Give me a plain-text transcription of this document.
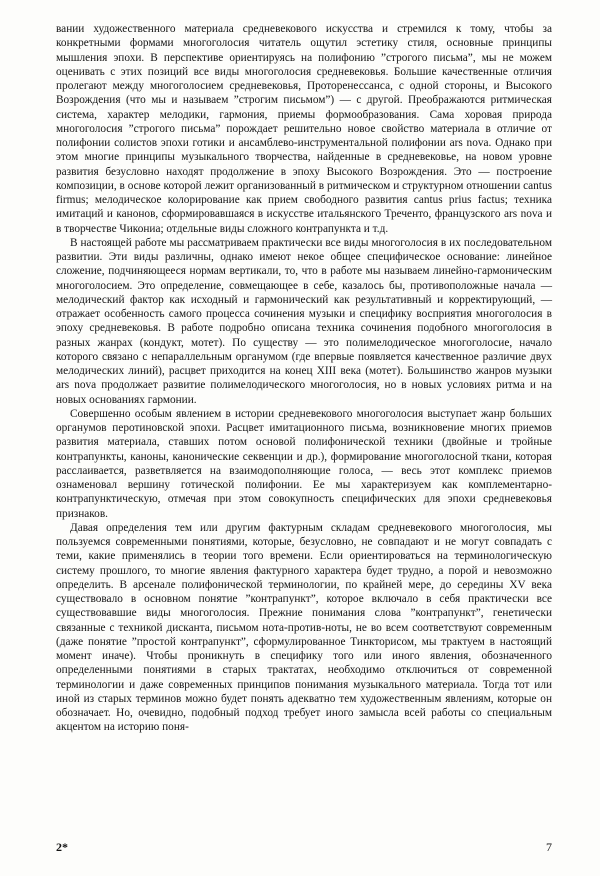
вании художественного материала средневекового искусства и стремился к тому, чтобы за конкретными формами многоголосия читатель ощутил эстетику стиля, основные принципы мышления эпохи. В перспективе ориентируясь на полифонию ”строгого письма”, мы не можем оценивать с этих позиций все виды многоголосия средневековья. Большие качественные отличия пролегают между многоголосием средневековья, Проторенессанса, с одной стороны, и Высокого Возрождения (что мы и называем ”строгим письмом”) — с другой. Преображаются ритмическая система, характер мелодики, гармония, приемы формообразования. Сама хоровая природа многоголосия ”строгого письма” порождает решительно новое свойство материала в отличие от полифонии солистов эпохи готики и ансамблево-инструментальной полифонии ars nova. Однако при этом многие принципы музыкального творчества, найденные в средневековье, на новом уровне развития безусловно находят продолжение в эпоху Высокого Возрождения. Это — построение композиции, в основе которой лежит организованный в ритмическом и структурном отношении cantus firmus; мелодическое колорирование как прием свободного развития cantus prius factus; техника имитаций и канонов, сформировавшаяся в искусстве итальянского Треченто, французского ars nova и в творчестве Чикониа; отдельные виды сложного контрапункта и т.д.

В настоящей работе мы рассматриваем практически все виды многоголосия в их последовательном развитии. Эти виды различны, однако имеют некое общее специфическое основание: линейное сложение, подчиняющееся нормам вертикали, то, что в работе мы называем линейно-гармоническим многоголосием. Это определение, совмещающее в себе, казалось бы, противоположные начала — мелодический фактор как исходный и гармонический как результативный и корректирующий, — отражает особенность самого процесса сочинения музыки и специфику восприятия многоголосия в эпоху средневековья. В работе подробно описана техника сочинения подобного многоголосия в разных жанрах (кондукт, мотет). По существу — это полимелодическое многоголосие, начало которого связано с непараллельным органумом (где впервые появляется качественное различие двух мелодических линий), расцвет приходится на конец XIII века (мотет). Большинство жанров музыки ars nova продолжает развитие полимелодического многоголосия, но в новых условиях ритма и на новых основаниях гармонии.

Совершенно особым явлением в истории средневекового многоголосия выступает жанр больших органумов перотиновской эпохи. Расцвет имитационного письма, возникновение многих приемов развития материала, ставших потом основой полифонической техники (двойные и тройные контрапункты, каноны, канонические секвенции и др.), формирование многоголосной ткани, которая расслаивается, разветвляется на взаимодополняющие голоса, — весь этот комплекс приемов ознаменовал вершину готической полифонии. Ее мы характеризуем как комплементарно-контрапунктическую, отмечая при этом совокупность специфических для эпохи средневековья признаков.

Давая определения тем или другим фактурным складам средневекового многоголосия, мы пользуемся современными понятиями, которые, безусловно, не совпадают и не могут совпадать с теми, какие применялись в теории того времени. Если ориентироваться на терминологическую систему прошлого, то многие явления фактурного характера будет трудно, а порой и невозможно определить. В арсенале полифонической терминологии, по крайней мере, до середины XV века существовало в основном понятие ”контрапункт”, которое включало в себя практически все существовавшие виды многоголосия. Прежние понимания слова ”контрапункт”, генетически связанные с техникой дисканта, письмом нота-против-ноты, не во всем соответствуют современным (даже понятие ”простой контрапункт”, сформулированное Тинкторисом, мы трактуем в настоящий момент иначе). Чтобы проникнуть в специфику того или иного явления, обозначенного определенными понятиями в старых трактатах, необходимо отключиться от современной терминологии и даже современных принципов понимания музыкального материала. Тогда тот или иной из старых терминов можно будет понять адекватно тем художественным явлениям, которые он обозначает. Но, очевидно, подобный подход требует иного замысла всей работы со специальным акцентом на историю поня-

2*	7
